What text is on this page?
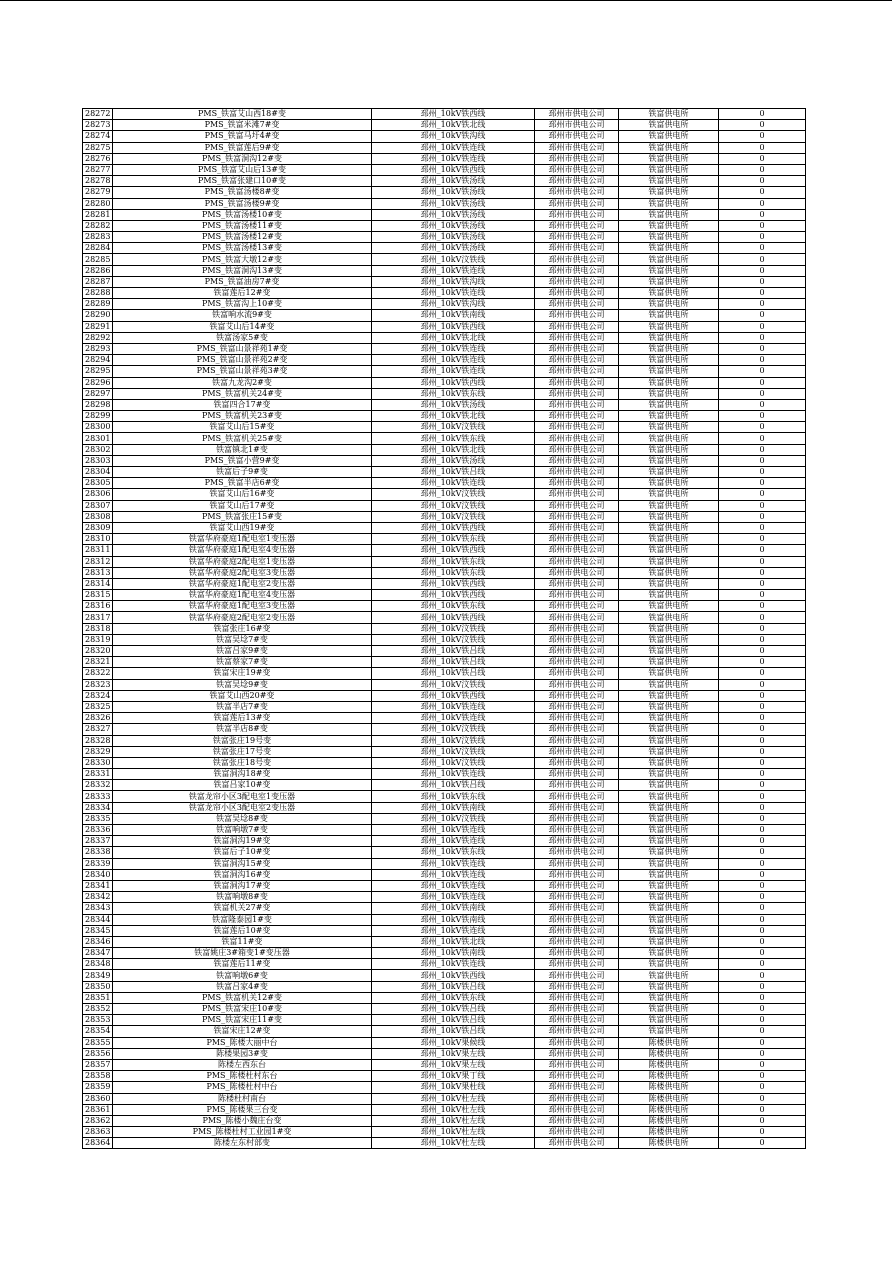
28272	PMS_铁富艾山西18#变	邳州_10kV铁西线	邳州市供电公司	铁富供电所	0
28273	PMS_铁富米滩7#变	邳州_10kV铁北线	邳州市供电公司	铁富供电所	0
28274	PMS_铁富马圩4#变	邳州_10kV铁沟线	邳州市供电公司	铁富供电所	0
28275	PMS_铁富莲后9#变	邳州_10kV铁连线	邳州市供电公司	铁富供电所	0
28276	PMS_铁富洞沟12#变	邳州_10kV铁连线	邳州市供电公司	铁富供电所	0
28277	PMS_铁富艾山后13#变	邳州_10kV铁西线	邳州市供电公司	铁富供电所	0
28278	PMS_铁富张建口10#变	邳州_10kV铁汤线	邳州市供电公司	铁富供电所	0
28279	PMS_铁富汤楼8#变	邳州_10kV铁汤线	邳州市供电公司	铁富供电所	0
28280	PMS_铁富汤楼9#变	邳州_10kV铁汤线	邳州市供电公司	铁富供电所	0
28281	PMS_铁富汤楼10#变	邳州_10kV铁汤线	邳州市供电公司	铁富供电所	0
28282	PMS_铁富汤楼11#变	邳州_10kV铁汤线	邳州市供电公司	铁富供电所	0
28283	PMS_铁富汤楼12#变	邳州_10kV铁汤线	邳州市供电公司	铁富供电所	0
28284	PMS_铁富汤楼13#变	邳州_10kV铁汤线	邳州市供电公司	铁富供电所	0
28285	PMS_铁富大墩12#变	邳州_10kV汶铁线	邳州市供电公司	铁富供电所	0
28286	PMS_铁富洞沟13#变	邳州_10kV铁连线	邳州市供电公司	铁富供电所	0
28287	PMS_铁富油房7#变	邳州_10kV铁沟线	邳州市供电公司	铁富供电所	0
28288	铁富莲后12#变	邳州_10kV铁连线	邳州市供电公司	铁富供电所	0
28289	PMS_铁富沟上10#变	邳州_10kV铁沟线	邳州市供电公司	铁富供电所	0
28290	铁富响水流9#变	邳州_10kV铁南线	邳州市供电公司	铁富供电所	0
28291	铁富艾山后14#变	邳州_10kV铁西线	邳州市供电公司	铁富供电所	0
28292	铁富汤家5#变	邳州_10kV铁北线	邳州市供电公司	铁富供电所	0
28293	PMS_铁富山景祥苑1#变	邳州_10kV铁连线	邳州市供电公司	铁富供电所	0
28294	PMS_铁富山景祥苑2#变	邳州_10kV铁连线	邳州市供电公司	铁富供电所	0
28295	PMS_铁富山景祥苑3#变	邳州_10kV铁连线	邳州市供电公司	铁富供电所	0
28296	铁富九龙沟2#变	邳州_10kV铁西线	邳州市供电公司	铁富供电所	0
28297	PMS_铁富机关24#变	邳州_10kV铁东线	邳州市供电公司	铁富供电所	0
28298	铁富四合17#变	邳州_10kV铁汤线	邳州市供电公司	铁富供电所	0
28299	PMS_铁富机关23#变	邳州_10kV铁北线	邳州市供电公司	铁富供电所	0
28300	铁富艾山后15#变	邳州_10kV汶铁线	邳州市供电公司	铁富供电所	0
28301	PMS_铁富机关25#变	邳州_10kV铁东线	邳州市供电公司	铁富供电所	0
28302	铁富镇北1#变	邳州_10kV铁北线	邳州市供电公司	铁富供电所	0
28303	PMS_铁富小营9#变	邳州_10kV铁汤线	邳州市供电公司	铁富供电所	0
28304	铁富后子9#变	邳州_10kV铁吕线	邳州市供电公司	铁富供电所	0
28305	PMS_铁富半店6#变	邳州_10kV铁连线	邳州市供电公司	铁富供电所	0
28306	铁富艾山后16#变	邳州_10kV汶铁线	邳州市供电公司	铁富供电所	0
28307	铁富艾山后17#变	邳州_10kV汶铁线	邳州市供电公司	铁富供电所	0
28308	PMS_铁富张庄15#变	邳州_10kV汶铁线	邳州市供电公司	铁富供电所	0
28309	铁富艾山西19#变	邳州_10kV铁西线	邳州市供电公司	铁富供电所	0
28310	铁富华府豪庭1配电室1变压器	邳州_10kV铁东线	邳州市供电公司	铁富供电所	0
28311	铁富华府豪庭1配电室4变压器	邳州_10kV铁西线	邳州市供电公司	铁富供电所	0
28312	铁富华府豪庭2配电室1变压器	邳州_10kV铁东线	邳州市供电公司	铁富供电所	0
28313	铁富华府豪庭2配电室3变压器	邳州_10kV铁东线	邳州市供电公司	铁富供电所	0
28314	铁富华府豪庭1配电室2变压器	邳州_10kV铁西线	邳州市供电公司	铁富供电所	0
28315	铁富华府豪庭1配电室4变压器	邳州_10kV铁西线	邳州市供电公司	铁富供电所	0
28316	铁富华府豪庭1配电室3变压器	邳州_10kV铁东线	邳州市供电公司	铁富供电所	0
28317	铁富华府豪庭2配电室2变压器	邳州_10kV铁西线	邳州市供电公司	铁富供电所	0
28318	铁富张庄16#变	邳州_10kV汶铁线	邳州市供电公司	铁富供电所	0
28319	铁富吴埝7#变	邳州_10kV汶铁线	邳州市供电公司	铁富供电所	0
28320	铁富吕家9#变	邳州_10kV铁吕线	邳州市供电公司	铁富供电所	0
28321	铁富蔡家7#变	邳州_10kV铁吕线	邳州市供电公司	铁富供电所	0
28322	铁富宋庄19#变	邳州_10kV铁吕线	邳州市供电公司	铁富供电所	0
28323	铁富吴埝9#变	邳州_10kV汶铁线	邳州市供电公司	铁富供电所	0
28324	铁富艾山西20#变	邳州_10kV铁西线	邳州市供电公司	铁富供电所	0
28325	铁富半店7#变	邳州_10kV铁连线	邳州市供电公司	铁富供电所	0
28326	铁富莲后13#变	邳州_10kV铁连线	邳州市供电公司	铁富供电所	0
28327	铁富半店8#变	邳州_10kV汶铁线	邳州市供电公司	铁富供电所	0
28328	铁富张庄19号变	邳州_10kV汶铁线	邳州市供电公司	铁富供电所	0
28329	铁富张庄17号变	邳州_10kV汶铁线	邳州市供电公司	铁富供电所	0
28330	铁富张庄18号变	邳州_10kV汶铁线	邳州市供电公司	铁富供电所	0
28331	铁富洞沟18#变	邳州_10kV铁连线	邳州市供电公司	铁富供电所	0
28332	铁富吕家10#变	邳州_10kV铁吕线	邳州市供电公司	铁富供电所	0
28333	铁富龙帘小区3配电室1变压器	邳州_10kV铁东线	邳州市供电公司	铁富供电所	0
28334	铁富龙帘小区3配电室2变压器	邳州_10kV铁南线	邳州市供电公司	铁富供电所	0
28335	铁富吴埝8#变	邳州_10kV汶铁线	邳州市供电公司	铁富供电所	0
28336	铁富响墩7#变	邳州_10kV铁连线	邳州市供电公司	铁富供电所	0
28337	铁富洞沟19#变	邳州_10kV铁连线	邳州市供电公司	铁富供电所	0
28338	铁富后子10#变	邳州_10kV铁东线	邳州市供电公司	铁富供电所	0
28339	铁富洞沟15#变	邳州_10kV铁连线	邳州市供电公司	铁富供电所	0
28340	铁富洞沟16#变	邳州_10kV铁连线	邳州市供电公司	铁富供电所	0
28341	铁富洞沟17#变	邳州_10kV铁连线	邳州市供电公司	铁富供电所	0
28342	铁富响墩8#变	邳州_10kV铁连线	邳州市供电公司	铁富供电所	0
28343	铁富机关27#变	邳州_10kV铁南线	邳州市供电公司	铁富供电所	0
28344	铁富隆泰园1#变	邳州_10kV铁南线	邳州市供电公司	铁富供电所	0
28345	铁富莲后10#变	邳州_10kV铁连线	邳州市供电公司	铁富供电所	0
28346	铁富11#变	邳州_10kV铁北线	邳州市供电公司	铁富供电所	0
28347	铁富姚庄3#箱变1#变压器	邳州_10kV铁南线	邳州市供电公司	铁富供电所	0
28348	铁富莲后11#变	邳州_10kV铁连线	邳州市供电公司	铁富供电所	0
28349	铁富响墩6#变	邳州_10kV铁西线	邳州市供电公司	铁富供电所	0
28350	铁富吕家4#变	邳州_10kV铁吕线	邳州市供电公司	铁富供电所	0
28351	PMS_铁富机关12#变	邳州_10kV铁东线	邳州市供电公司	铁富供电所	0
28352	PMS_铁富宋庄10#变	邳州_10kV铁吕线	邳州市供电公司	铁富供电所	0
28353	PMS_铁富宋庄11#变	邳州_10kV铁吕线	邳州市供电公司	铁富供电所	0
28354	铁富宋庄12#变	邳州_10kV铁吕线	邳州市供电公司	铁富供电所	0
28355	PMS_陈楼大丽中台	邳州_10kV果候线	邳州市供电公司	陈楼供电所	0
28356	陈楼果园3#变	邳州_10kV果左线	邳州市供电公司	陈楼供电所	0
28357	陈楼左西东台	邳州_10kV果左线	邳州市供电公司	陈楼供电所	0
28358	PMS_陈楼杜村东台	邳州_10kV果丁线	邳州市供电公司	陈楼供电所	0
28359	PMS_陈楼杜村中台	邳州_10kV果杜线	邳州市供电公司	陈楼供电所	0
28360	陈楼杜村南台	邳州_10kV杜左线	邳州市供电公司	陈楼供电所	0
28361	PMS_陈楼果三台变	邳州_10kV杜左线	邳州市供电公司	陈楼供电所	0
28362	PMS_陈楼小魏庄台变	邳州_10kV杜左线	邳州市供电公司	陈楼供电所	0
28363	PMS_陈楼杜村工业园1#变	邳州_10kV杜左线	邳州市供电公司	陈楼供电所	0
28364	陈楼左东村部变	邳州_10kV杜左线	邳州市供电公司	陈楼供电所	0
